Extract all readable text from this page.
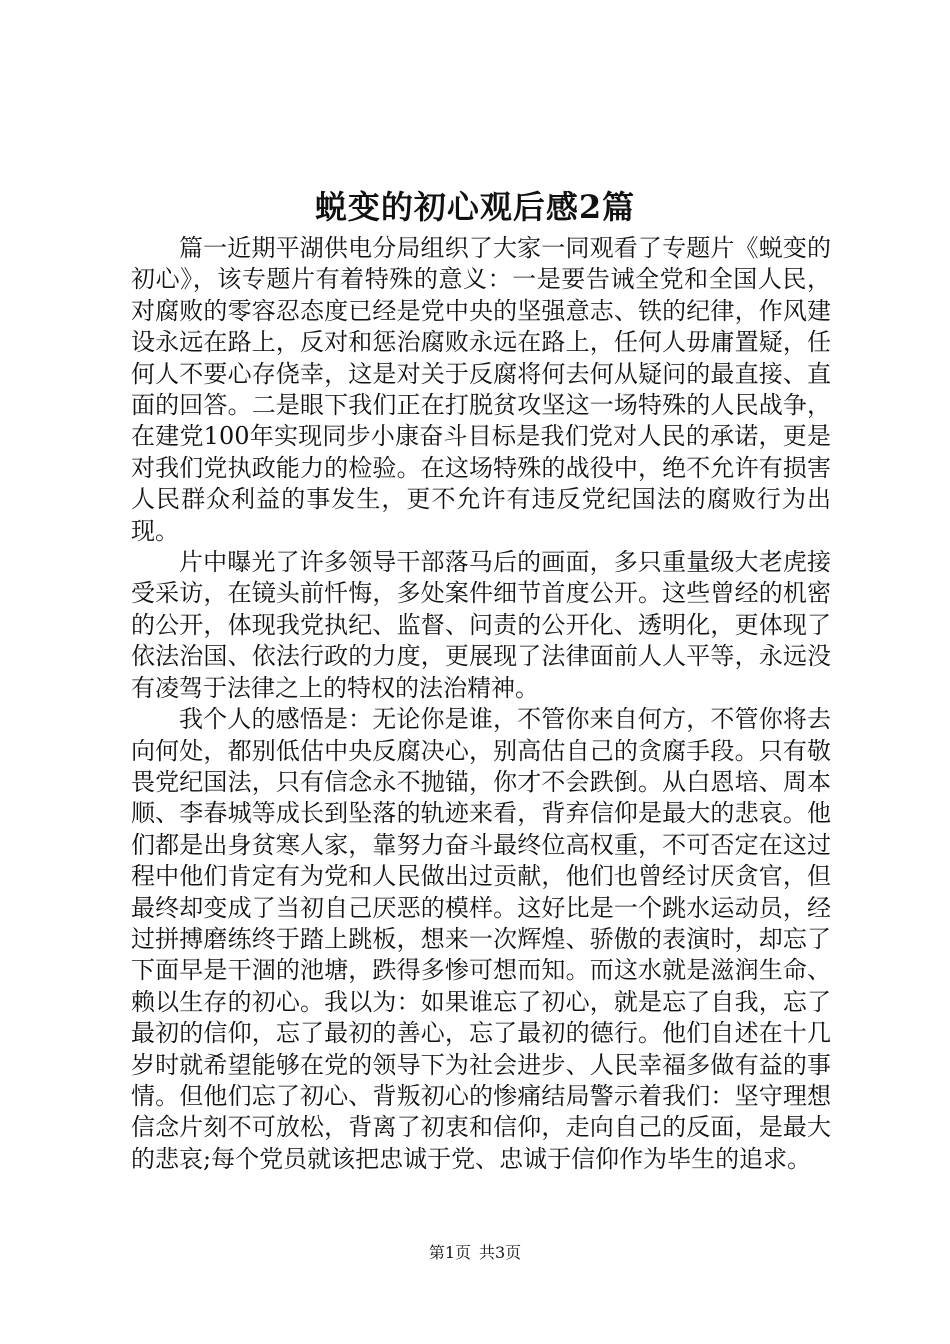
蜕变的初心观后感2篇

篇一近期平湖供电分局组织了大家一同观看了专题片《蜕变的初心》，该专题片有着特殊的意义：一是要告诫全党和全国人民，对腐败的零容忍态度已经是党中央的坚强意志、铁的纪律，作风建设永远在路上，反对和惩治腐败永远在路上，任何人毋庸置疑，任何人不要心存侥幸，这是对关于反腐将何去何从疑问的最直接、直面的回答。二是眼下我们正在打脱贫攻坚这一场特殊的人民战争，在建党100年实现同步小康奋斗目标是我们党对人民的承诺，更是对我们党执政能力的检验。在这场特殊的战役中，绝不允许有损害人民群众利益的事发生，更不允许有违反党纪国法的腐败行为出现。

片中曝光了许多领导干部落马后的画面，多只重量级大老虎接受采访，在镜头前忏悔，多处案件细节首度公开。这些曾经的机密的公开，体现我党执纪、监督、问责的公开化、透明化，更体现了依法治国、依法行政的力度，更展现了法律面前人人平等，永远没有凌驾于法律之上的特权的法治精神。

我个人的感悟是：无论你是谁，不管你来自何方，不管你将去向何处，都别低估中央反腐决心，别高估自己的贪腐手段。只有敬畏党纪国法，只有信念永不抛锚，你才不会跌倒。从白恩培、周本顺、李春城等成长到坠落的轨迹来看，背弃信仰是最大的悲哀。他们都是出身贫寒人家，靠努力奋斗最终位高权重，不可否定在这过程中他们肯定有为党和人民做出过贡献，他们也曾经讨厌贪官，但最终却变成了当初自己厌恶的模样。这好比是一个跳水运动员，经过拼搏磨练终于踏上跳板，想来一次辉煌、骄傲的表演时，却忘了下面早是干涸的池塘，跌得多惨可想而知。而这水就是滋润生命、赖以生存的初心。我以为：如果谁忘了初心，就是忘了自我，忘了最初的信仰，忘了最初的善心，忘了最初的德行。他们自述在十几岁时就希望能够在党的领导下为社会进步、人民幸福多做有益的事情。但他们忘了初心、背叛初心的惨痛结局警示着我们：坚守理想信念片刻不可放松，背离了初衷和信仰，走向自己的反面，是最大的悲哀;每个党员就该把忠诚于党、忠诚于信仰作为毕生的追求。

第1页 共3页
